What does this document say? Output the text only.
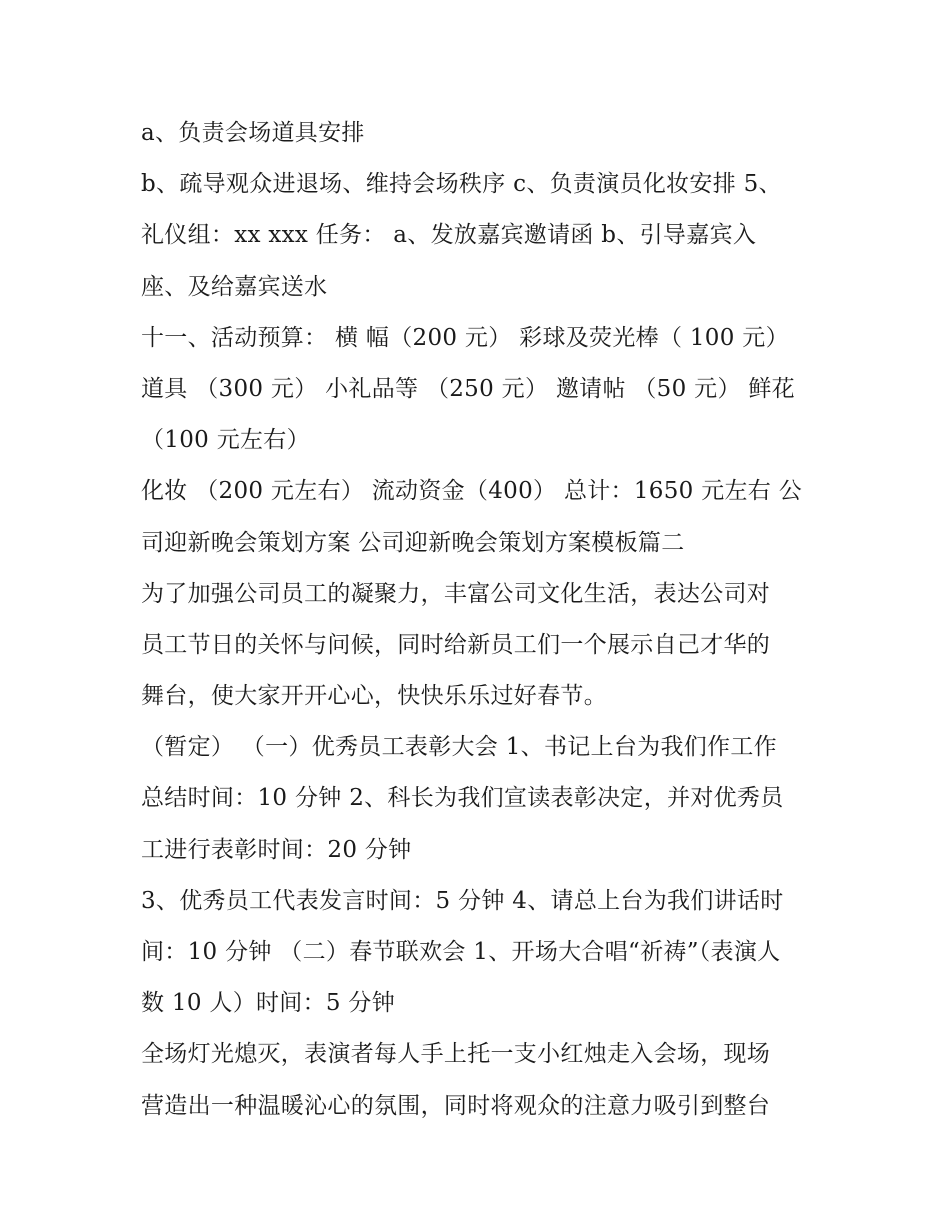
a、负责会场道具安排
b、疏导观众进退场、维持会场秩序 c、负责演员化妆安排 5、
礼仪组：xx xxx 任务： a、发放嘉宾邀请函 b、引导嘉宾入
座、及给嘉宾送水
十一、活动预算： 横 幅（200 元） 彩球及荧光棒（ 100 元）
道具 （300 元） 小礼品等 （250 元） 邀请帖 （50 元） 鲜花
（100 元左右）
化妆 （200 元左右） 流动资金（400） 总计：1650 元左右 公
司迎新晚会策划方案 公司迎新晚会策划方案模板篇二
为了加强公司员工的凝聚力，丰富公司文化生活，表达公司对
员工节日的关怀与问候，同时给新员工们一个展示自己才华的
舞台，使大家开开心心，快快乐乐过好春节。
（暂定） （一）优秀员工表彰大会 1、书记上台为我们作工作
总结时间：10 分钟 2、科长为我们宣读表彰决定，并对优秀员
工进行表彰时间：20 分钟
3、优秀员工代表发言时间：5 分钟 4、请总上台为我们讲话时
间：10 分钟 （二）春节联欢会 1、开场大合唱“祈祷”（表演人
数 10 人）时间：5 分钟
全场灯光熄灭，表演者每人手上托一支小红烛走入会场，现场
营造出一种温暖沁心的氛围，同时将观众的注意力吸引到整台
